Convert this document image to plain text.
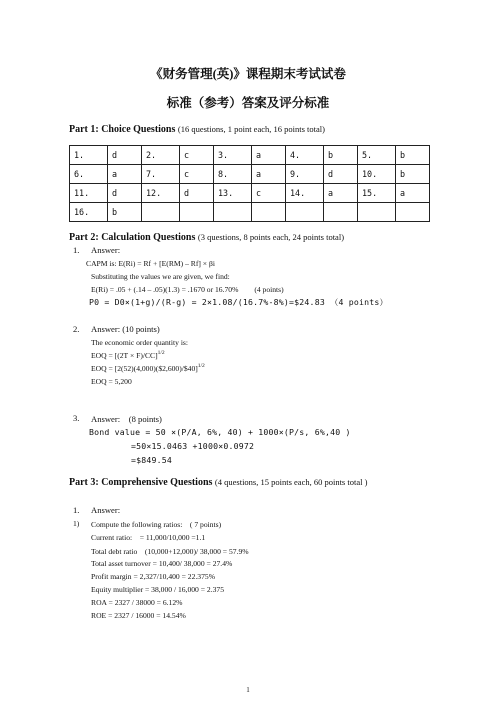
《财务管理(英)》课程期末考试试卷
标准（参考）答案及评分标准
Part 1: Choice Questions (16 questions, 1 point each, 16 points total)
1.	d	2.	c	3.	a	4.	b	5.	b
6.	a	7.	c	8.	a	9.	d	10.	b
11.	d	12.	d	13.	c	14.	a	15.	a
16.	b								
Part 2: Calculation Questions (3 questions, 8 points each, 24 points total)
1. Answer:
CAPM is: E(Ri) = Rf + [E(RM) – Rf] × βi
Substituting the values we are given, we find:
E(Ri) = .05 + (.14 – .05)(1.3) = .1670 or 16.70% (4 points)
P0 = D0×(1+g)/(R-g) = 2×1.08/(16.7%-8%)=$24.83 （4 points）
2. Answer: (10 points)
The economic order quantity is:
EOQ = $[(2T \times F)/CC]^{1/2}$
EOQ = [2(52)(4,000)($2,600)/$40]$^{1/2}$
EOQ = 5,200
3. Answer:　(8 points)
Bond value = 50 ×(P/A, 6%, 40) + 1000×(P/s, 6%,40 )
=50×15.0463 +1000×0.0972
=$849.54
Part 3: Comprehensive Questions (4 questions, 15 points each, 60 points total )
1. Answer:
1) Compute the following ratios:　( 7 points)
Current ratio:　= 11,000/10,000 =1.1
Total debt ratio　(10,000+12,000)/ 38,000 = 57.9%
Total asset turnover = 10,400/ 38,000 = 27.4%
Profit margin = 2,327/10,400 = 22.375%
Equity multiplier = 38,000 / 16,000 = 2.375
ROA = 2327 / 38000 = 6.12%
ROE = 2327 / 16000 = 14.54%
1
